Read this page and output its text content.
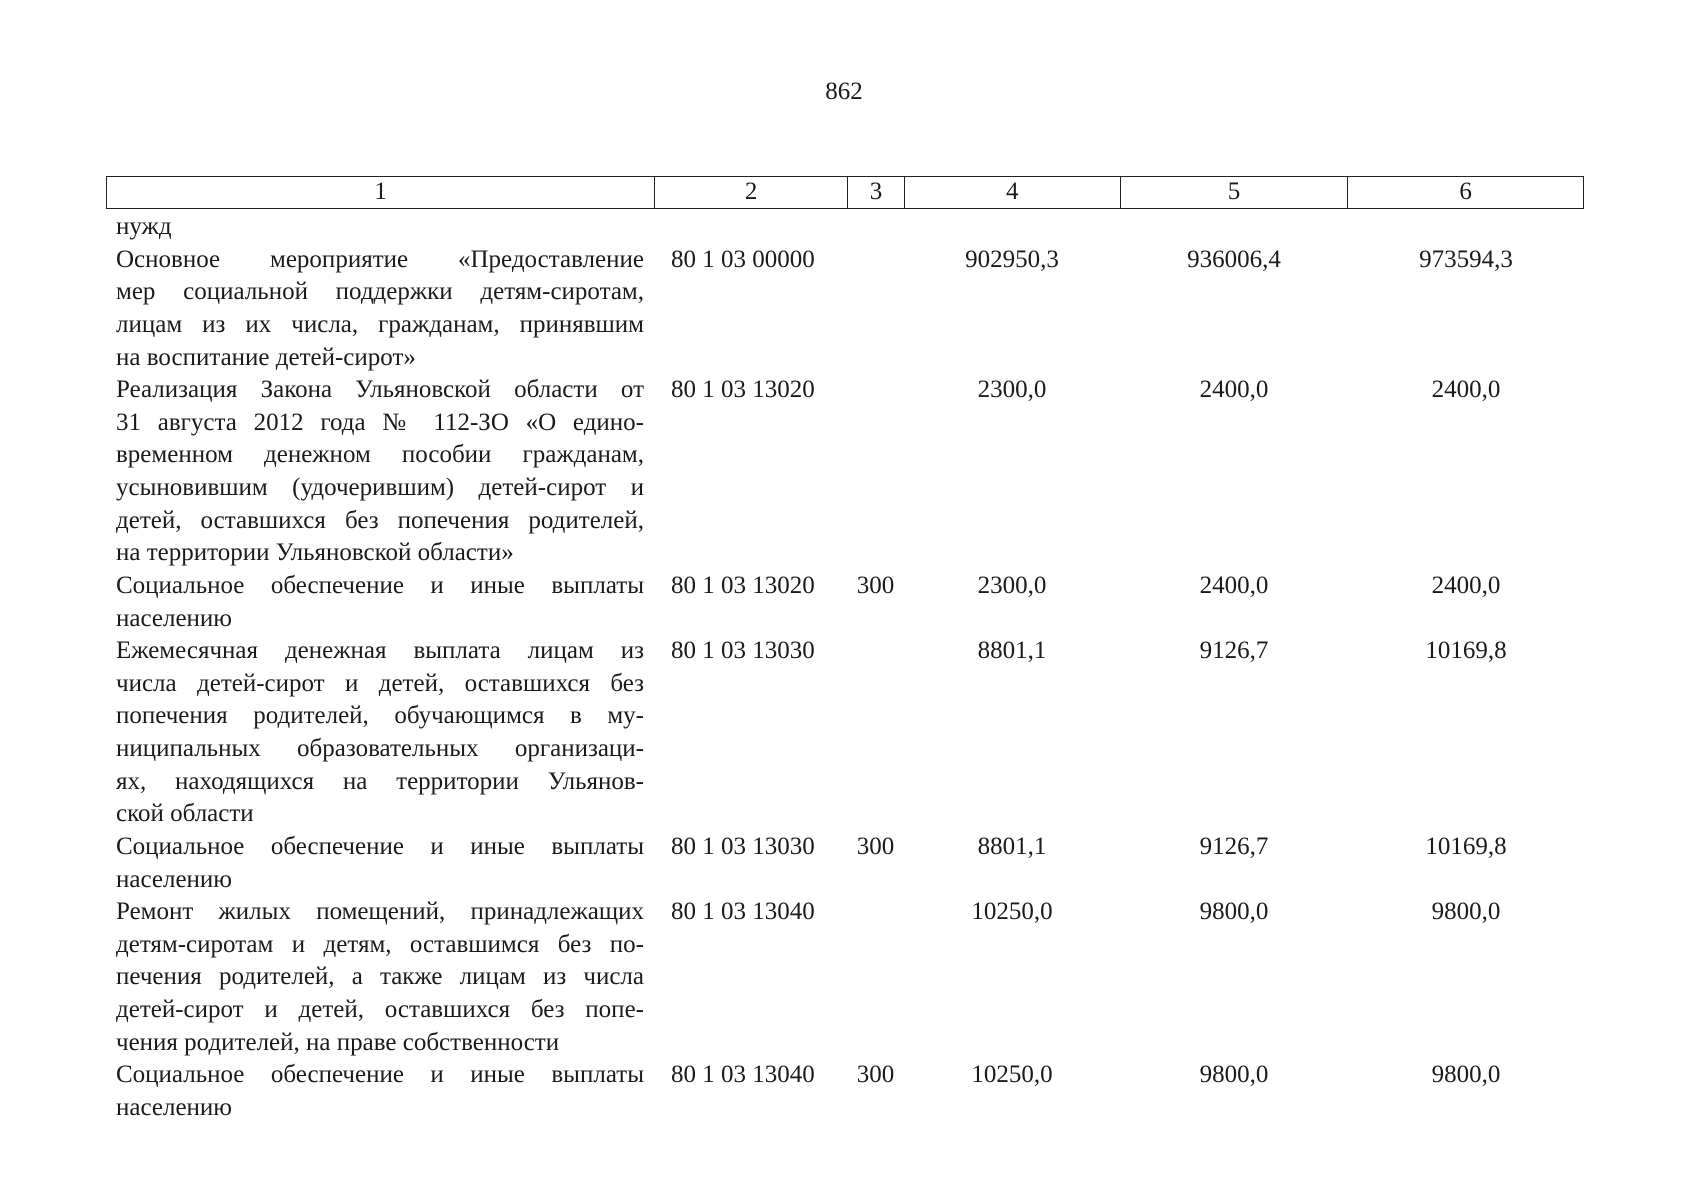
862
1	2	3	4	5	6
нужд
Основное мероприятие «Предоставление
мер социальной поддержки детям-сиротам,
лицам из их числа, гражданам, принявшим
на воспитание детей-сирот»
80 1 03 00000	902950,3	936006,4	973594,3
Реализация Закона Ульяновской области от
31 августа 2012 года № 112-ЗО «О едино-
временном денежном пособии гражданам,
усыновившим (удочерившим) детей-сирот и
детей, оставшихся без попечения родителей,
на территории Ульяновской области»
80 1 03 13020	2300,0	2400,0	2400,0
Социальное обеспечение и иные выплаты
населению
80 1 03 13020	300	2300,0	2400,0	2400,0
Ежемесячная денежная выплата лицам из
числа детей-сирот и детей, оставшихся без
попечения родителей, обучающимся в му-
ниципальных образовательных организаци-
ях, находящихся на территории Ульянов-
ской области
80 1 03 13030	8801,1	9126,7	10169,8
Социальное обеспечение и иные выплаты
населению
80 1 03 13030	300	8801,1	9126,7	10169,8
Ремонт жилых помещений, принадлежащих
детям-сиротам и детям, оставшимся без по-
печения родителей, а также лицам из числа
детей-сирот и детей, оставшихся без попе-
чения родителей, на праве собственности
80 1 03 13040	10250,0	9800,0	9800,0
Социальное обеспечение и иные выплаты
населению
80 1 03 13040	300	10250,0	9800,0	9800,0
